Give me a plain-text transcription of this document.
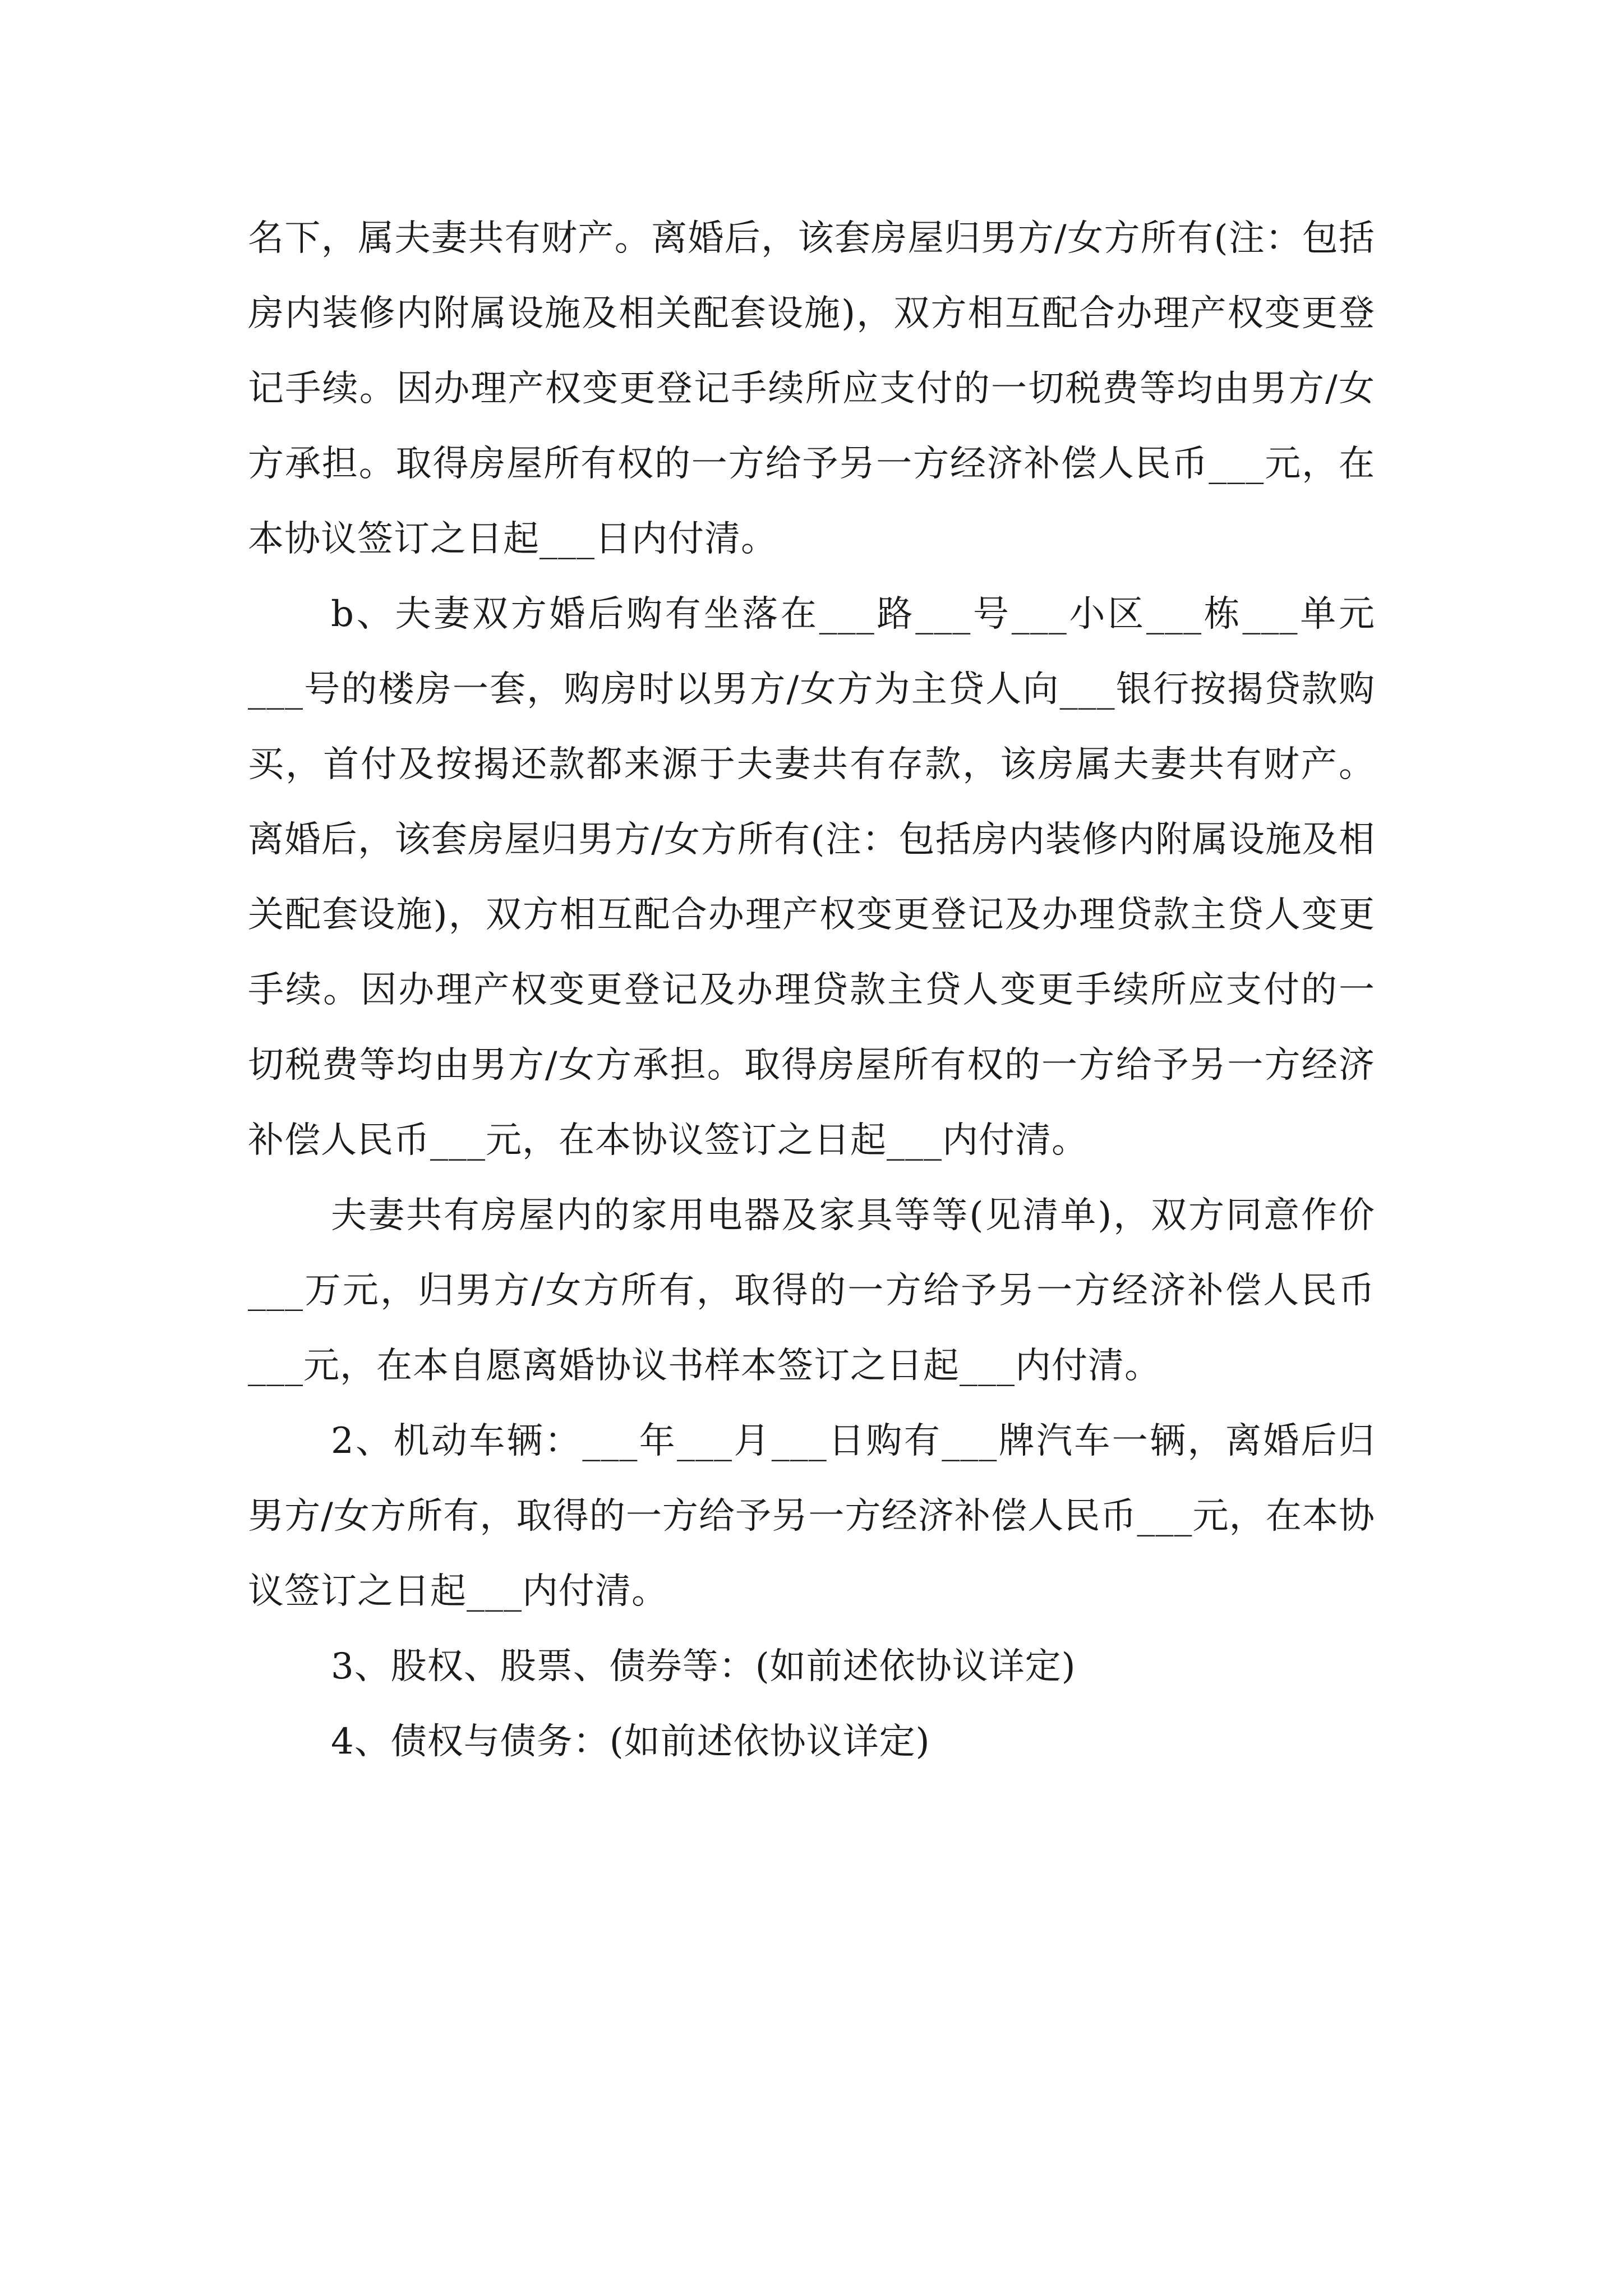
名下，属夫妻共有财产。离婚后，该套房屋归男方/女方所有(注：包括房内装修内附属设施及相关配套设施)，双方相互配合办理产权变更登记手续。因办理产权变更登记手续所应支付的一切税费等均由男方/女方承担。取得房屋所有权的一方给予另一方经济补偿人民币___元，在本协议签订之日起___日内付清。

b、夫妻双方婚后购有坐落在___路___号___小区___栋___单元___号的楼房一套，购房时以男方/女方为主贷人向___银行按揭贷款购买，首付及按揭还款都来源于夫妻共有存款，该房属夫妻共有财产。离婚后，该套房屋归男方/女方所有(注：包括房内装修内附属设施及相关配套设施)，双方相互配合办理产权变更登记及办理贷款主贷人变更手续。因办理产权变更登记及办理贷款主贷人变更手续所应支付的一切税费等均由男方/女方承担。取得房屋所有权的一方给予另一方经济补偿人民币___元，在本协议签订之日起___内付清。

夫妻共有房屋内的家用电器及家具等等(见清单)，双方同意作价___万元，归男方/女方所有，取得的一方给予另一方经济补偿人民币___元，在本自愿离婚协议书样本签订之日起___内付清。

2、机动车辆：___年___月___日购有___牌汽车一辆，离婚后归男方/女方所有，取得的一方给予另一方经济补偿人民币___元，在本协议签订之日起___内付清。

3、股权、股票、债券等：(如前述依协议详定)

4、债权与债务：(如前述依协议详定)
